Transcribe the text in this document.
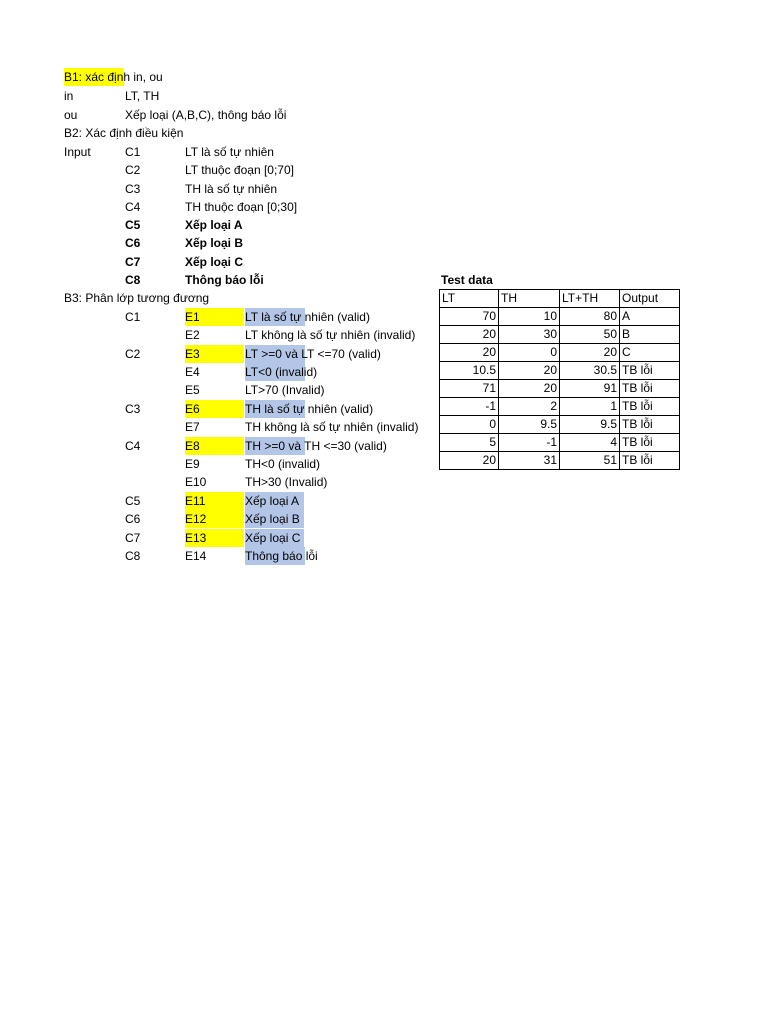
B1: xác định in, ou
in	LT, TH
ou	Xếp loại (A,B,C), thông báo lỗi
B2: Xác định điều kiện
Input	C1	LT là số tự nhiên
C2	LT thuộc đoạn [0;70]
C3	TH là số tự nhiên
C4	TH thuộc đoạn [0;30]
C5	Xếp loại A
C6	Xếp loại B
C7	Xếp loại C
C8	Thông báo lỗi	Test data
B3: Phân lớp tương đương
C1	E1	LT là số tự nhiên (valid)
E2	LT không là số tự nhiên (invalid)
C2	E3	LT >=0 và LT <=70 (valid)
E4	LT<0 (invalid)
E5	LT>70 (Invalid)
C3	E6	TH là số tự nhiên (valid)
E7	TH không là số tự nhiên (invalid)
C4	E8	TH >=0 và TH <=30 (valid)
E9	TH<0 (invalid)
E10	TH>30 (Invalid)
C5	E11	Xếp loại A
C6	E12	Xếp loại B
C7	E13	Xếp loại C
C8	E14	Thông báo lỗi
LT	TH	LT+TH	Output
70	10	80	A
20	30	50	B
20	0	20	C
10.5	20	30.5	TB lỗi
71	20	91	TB lỗi
-1	2	1	TB lỗi
0	9.5	9.5	TB lỗi
5	-1	4	TB lỗi
20	31	51	TB lỗi
